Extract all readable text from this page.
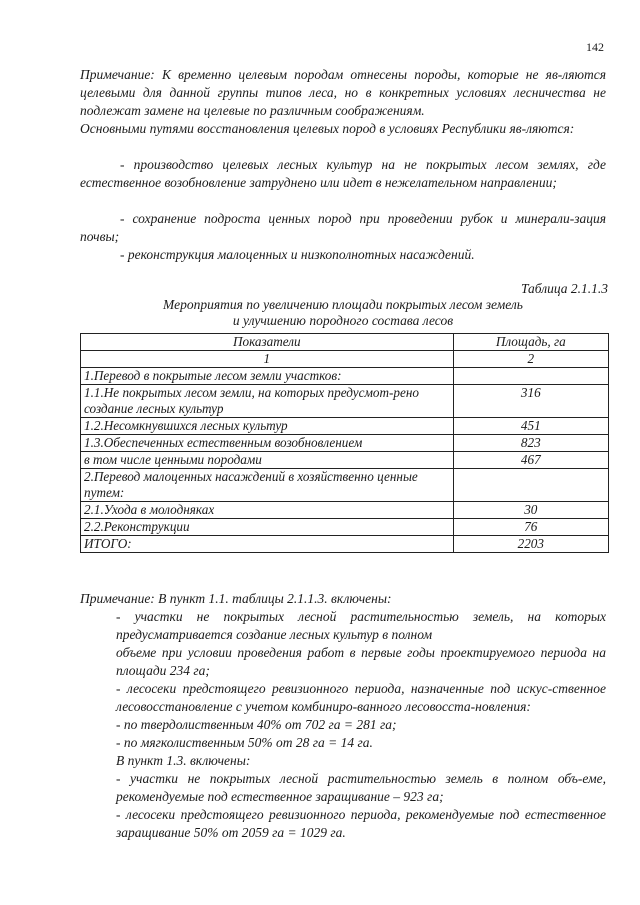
142

Примечание: К временно целевым породам отнесены породы, которые не яв-ляются целевыми для данной группы типов леса, но в конкретных условиях лесничества не подлежат замене на целевые по различным соображениям.

Основными путями восстановления целевых пород в условиях Республики яв-ляются:

- производство целевых лесных культур на не покрытых лесом землях, где естественное возобновление затруднено или идет в нежелательном направлении;

- сохранение подроста ценных пород при проведении рубок и минерали-зация почвы;

- реконструкция малоценных и низкополнотных насаждений.

Таблица 2.1.1.3
Мероприятия по увеличению площади покрытых лесом земель
и улучшению породного состава лесов
Показатели	Площадь, га
1	2
1.Перевод в покрытые лесом земли участков:	
1.1.Не покрытых лесом земли, на которых предусмот-рено создание лесных культур	316
1.2.Несомкнувшихся лесных культур	451
1.3.Обеспеченных естественным возобновлением	823
в том числе ценными породами	467
2.Перевод малоценных насаждений в хозяйственно ценные путем:	
2.1.Ухода в молодняках	30
2.2.Реконструкции	76
ИТОГО:	2203

Примечание: В пункт 1.1. таблицы 2.1.1.3. включены:

- участки не покрытых лесной растительностью земель, на которых предусматривается создание лесных культур в полном

объеме при условии проведения работ в первые годы проектируемого периода на площади 234 га;

- лесосеки предстоящего ревизионного периода, назначенные под искус-ственное лесовосстановление с учетом комбиниро-ванного лесовосста-новления:

- по твердолиственным 40% от 702 га = 281 га;

- по мягколиственным 50% от 28 га = 14 га.

В пункт 1.3. включены:

- участки не покрытых лесной растительностью земель в полном объ-еме, рекомендуемые под естественное заращивание – 923 га;

- лесосеки предстоящего ревизионного периода, рекомендуемые под естественное заращивание 50% от 2059 га = 1029 га.
